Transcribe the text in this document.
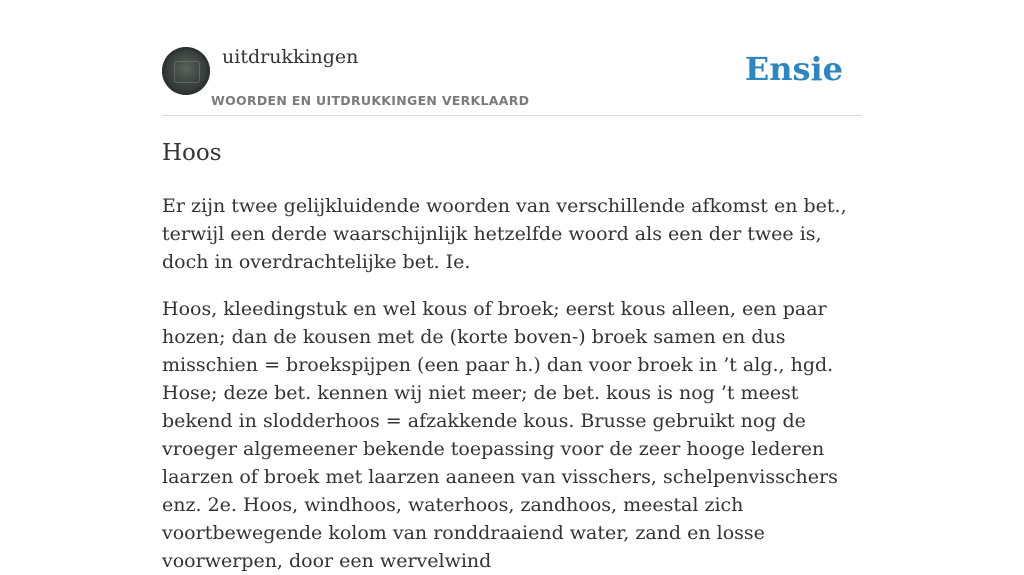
uitdrukkingen
WOORDEN EN UITDRUKKINGEN VERKLAARD
Ensie
Hoos

Er zijn twee gelijkluidende woorden van verschillende afkomst en bet., terwijl een derde waarschijnlijk hetzelfde woord als een der twee is, doch in overdrachtelijke bet. Ie.

Hoos, kleedingstuk en wel kous of broek; eerst kous alleen, een paar hozen; dan de kousen met de (korte boven-) broek samen en dus misschien = broekspijpen (een paar h.) dan voor broek in ’t alg., hgd. Hose; deze bet. kennen wij niet meer; de bet. kous is nog ’t meest bekend in slodderhoos = afzakkende kous. Brusse gebruikt nog de vroeger algemeener bekende toepassing voor de zeer hooge lederen laarzen of broek met laarzen aaneen van visschers, schelpenvisschers enz. 2e. Hoos, windhoos, waterhoos, zandhoos, meestal zich voortbewegende kolom van ronddraaiend water, zand en losse voorwerpen, door een wervelwind
